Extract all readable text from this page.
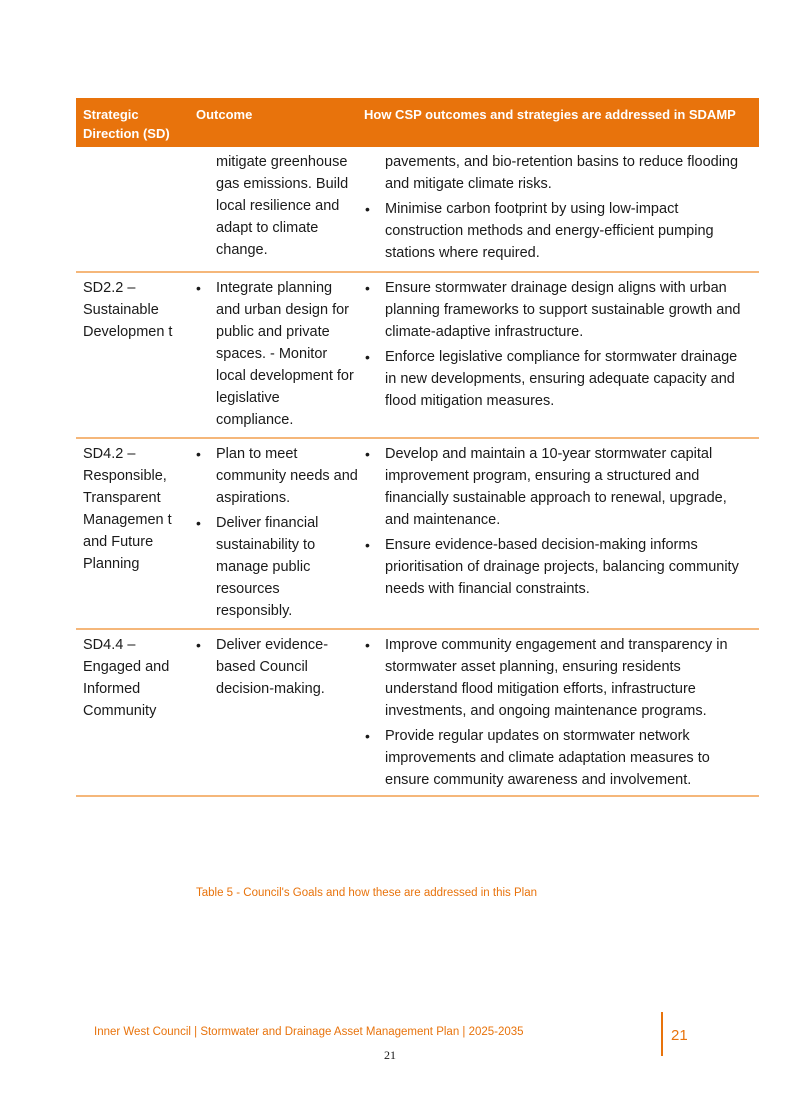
Strategic Direction (SD)
Outcome	How CSP outcomes and strategies are addressed in SDAMP
mitigate greenhouse gas emissions. Build local resilience and adapt to climate change.
pavements, and bio-retention basins to reduce flooding and mitigate climate risks.
• Minimise carbon footprint by using low-impact construction methods and energy-efficient pumping stations where required.
SD2.2 – Sustainable Developmen t
• Integrate planning and urban design for public and private spaces. - Monitor local development for legislative compliance.
• Ensure stormwater drainage design aligns with urban planning frameworks to support sustainable growth and climate-adaptive infrastructure.
• Enforce legislative compliance for stormwater drainage in new developments, ensuring adequate capacity and flood mitigation measures.
SD4.2 – Responsible, Transparent Managemen t and Future Planning
• Plan to meet community needs and aspirations.
• Deliver financial sustainability to manage public resources responsibly.
• Develop and maintain a 10-year stormwater capital improvement program, ensuring a structured and financially sustainable approach to renewal, upgrade, and maintenance.
• Ensure evidence-based decision-making informs prioritisation of drainage projects, balancing community needs with financial constraints.
SD4.4 – Engaged and Informed Community
• Deliver evidence-based Council decision-making.
• Improve community engagement and transparency in stormwater asset planning, ensuring residents understand flood mitigation efforts, infrastructure investments, and ongoing maintenance programs.
• Provide regular updates on stormwater network improvements and climate adaptation measures to ensure community awareness and involvement.
Table 5 - Council's Goals and how these are addressed in this Plan
Inner West Council | Stormwater and Drainage Asset Management Plan | 2025-2035	21
21
